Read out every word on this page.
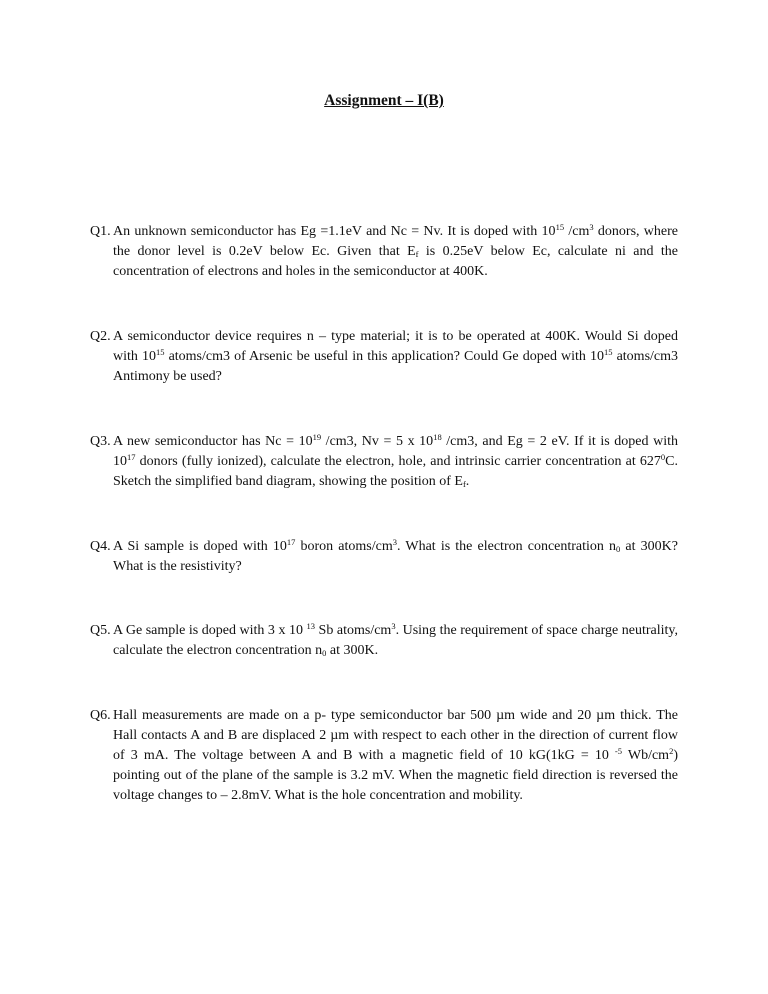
Assignment – I(B)
Q1. An unknown semiconductor has Eg =1.1eV and Nc = Nv. It is doped with $10^{15}$ $/cm^3$ donors, where the donor level is 0.2eV below Ec. Given that $E_f$ is 0.25eV below Ec, calculate ni and the concentration of electrons and holes in the semiconductor at 400K.
Q2. A semiconductor device requires n – type material; it is to be operated at 400K. Would Si doped with $10^{15}$ atoms/cm3 of Arsenic be useful in this application? Could Ge doped with $10^{15}$ atoms/cm3 Antimony be used?
Q3. A new semiconductor has $Nc = 10^{19}$ /cm3, Nv = 5 x $10^{18}$ /cm3, and Eg = 2 eV. If it is doped with $10^{17}$ donors (fully ionized), calculate the electron, hole, and intrinsic carrier concentration at $627^0C$. Sketch the simplified band diagram, showing the position of $E_f$.
Q4. A Si sample is doped with $10^{17}$ boron atoms/$cm^3$. What is the electron concentration $n_0$ at 300K? What is the resistivity?
Q5. A Ge sample is doped with 3 x 10 $^{13}$ Sb atoms/$cm^3$. Using the requirement of space charge neutrality, calculate the electron concentration $n_0$ at 300K.
Q6. Hall measurements are made on a p- type semiconductor bar 500 µm wide and 20 µm thick. The Hall contacts A and B are displaced 2 µm with respect to each other in the direction of current flow of 3 mA. The voltage between A and B with a magnetic field of 10 kG(1kG = 10 $^{-5}$ $Wb/cm^2$) pointing out of the plane of the sample is 3.2 mV. When the magnetic field direction is reversed the voltage changes to – 2.8mV. What is the hole concentration and mobility.
